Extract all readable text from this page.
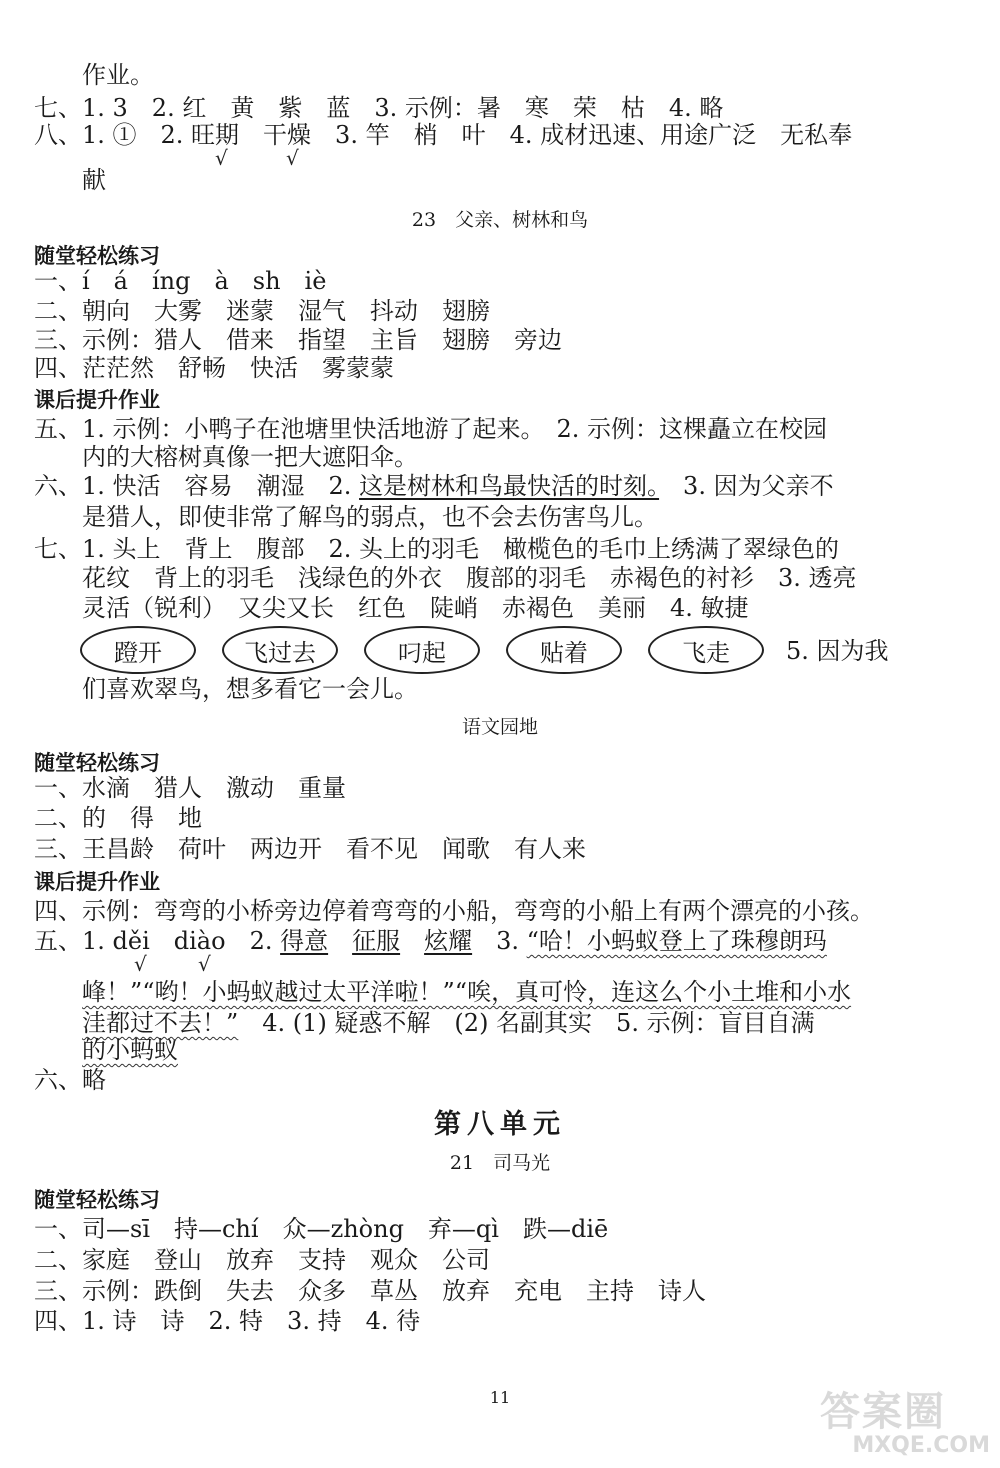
作业。
七、1. 3　2. 红　黄　紫　蓝　3. 示例：暑　寒　荣　枯　4. 略
八、1. ①　2. 旺期　干燥　3. 竿　梢　叶　4. 成材迅速、用途广泛　无私奉
√	√
献
23　父亲、树林和鸟
随堂轻松练习
一、í　á　íng　à　sh　iè
二、朝向　大雾　迷蒙　湿气　抖动　翅膀
三、示例：猎人　借来　指望　主旨　翅膀　旁边
四、茫茫然　舒畅　快活　雾蒙蒙
课后提升作业
五、1. 示例：小鸭子在池塘里快活地游了起来。　2. 示例：这棵矗立在校园
内的大榕树真像一把大遮阳伞。
六、1. 快活　容易　潮湿　2. 这是树林和鸟最快活的时刻。　3. 因为父亲不
是猎人，即使非常了解鸟的弱点，也不会去伤害鸟儿。
七、1. 头上　背上　腹部　2. 头上的羽毛　橄榄色的毛巾上绣满了翠绿色的
花纹　背上的羽毛　浅绿色的外衣　腹部的羽毛　赤褐色的衬衫　3. 透亮
灵活（锐利）　又尖又长　红色　陡峭　赤褐色　美丽　4. 敏捷
蹬开	飞过去	叼起	贴着	飞走	5. 因为我
们喜欢翠鸟，想多看它一会儿。
语文园地
随堂轻松练习
一、水滴　猎人　激动　重量
二、的　得　地
三、王昌龄　荷叶　两边开　看不见　闻歌　有人来
课后提升作业
四、示例：弯弯的小桥旁边停着弯弯的小船，弯弯的小船上有两个漂亮的小孩。
五、1. děi　diào　2. 得意　 征服　 炫耀　3. “哈！小蚂蚁登上了珠穆朗玛
√	√
峰！”“哟！小蚂蚁越过太平洋啦！”“唉，真可怜，连这么个小土堆和小水
洼都过不去！”　4. (1) 疑惑不解　(2) 名副其实　5. 示例：盲目自满
的小蚂蚁
六、略
第八单元
21　司马光
随堂轻松练习
一、司—sī　持—chí　众—zhòng　弃—qì　跌—diē
二、家庭　登山　放弃　支持　观众　公司
三、示例：跌倒　失去　众多　草丛　放弃　充电　主持　诗人
四、1. 诗　诗　2. 特　3. 持　4. 待
11	答案圈
MXQE.COM
